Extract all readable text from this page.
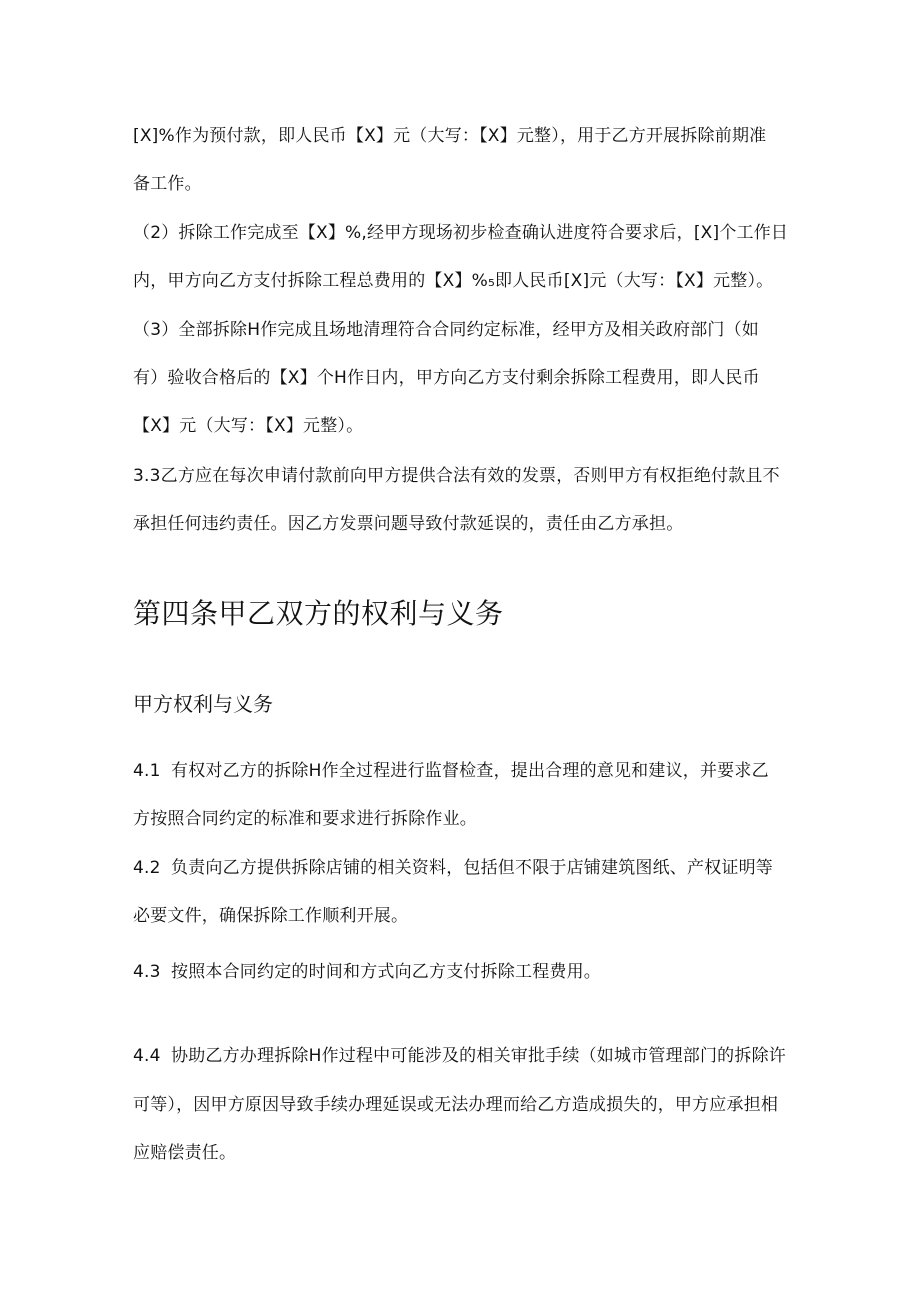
[X]%作为预付款，即人民币【X】元（大写：【X】元整），用于乙方开展拆除前期准
备工作。
（2）拆除工作完成至【X】%,经甲方现场初步检查确认进度符合要求后，[X]个工作日
内，甲方向乙方支付拆除工程总费用的【X】%₅即人民币[X]元（大写：【X】元整）。
（3）全部拆除H作完成且场地清理符合合同约定标准，经甲方及相关政府部门（如
有）验收合格后的【X】个H作日内，甲方向乙方支付剩余拆除工程费用，即人民币
【X】元（大写：【X】元整）。
3.3乙方应在每次申请付款前向甲方提供合法有效的发票，否则甲方有权拒绝付款且不
承担任何违约责任。因乙方发票问题导致付款延误的，责任由乙方承担。
第四条甲乙双方的权利与义务
甲方权利与义务
4.1 有权对乙方的拆除H作全过程进行监督检查，提出合理的意见和建议，并要求乙
方按照合同约定的标准和要求进行拆除作业。
4.2 负责向乙方提供拆除店铺的相关资料，包括但不限于店铺建筑图纸、产权证明等
必要文件，确保拆除工作顺利开展。
4.3 按照本合同约定的时间和方式向乙方支付拆除工程费用。
4.4 协助乙方办理拆除H作过程中可能涉及的相关审批手续（如城市管理部门的拆除许
可等），因甲方原因导致手续办理延误或无法办理而给乙方造成损失的，甲方应承担相
应赔偿责任。
